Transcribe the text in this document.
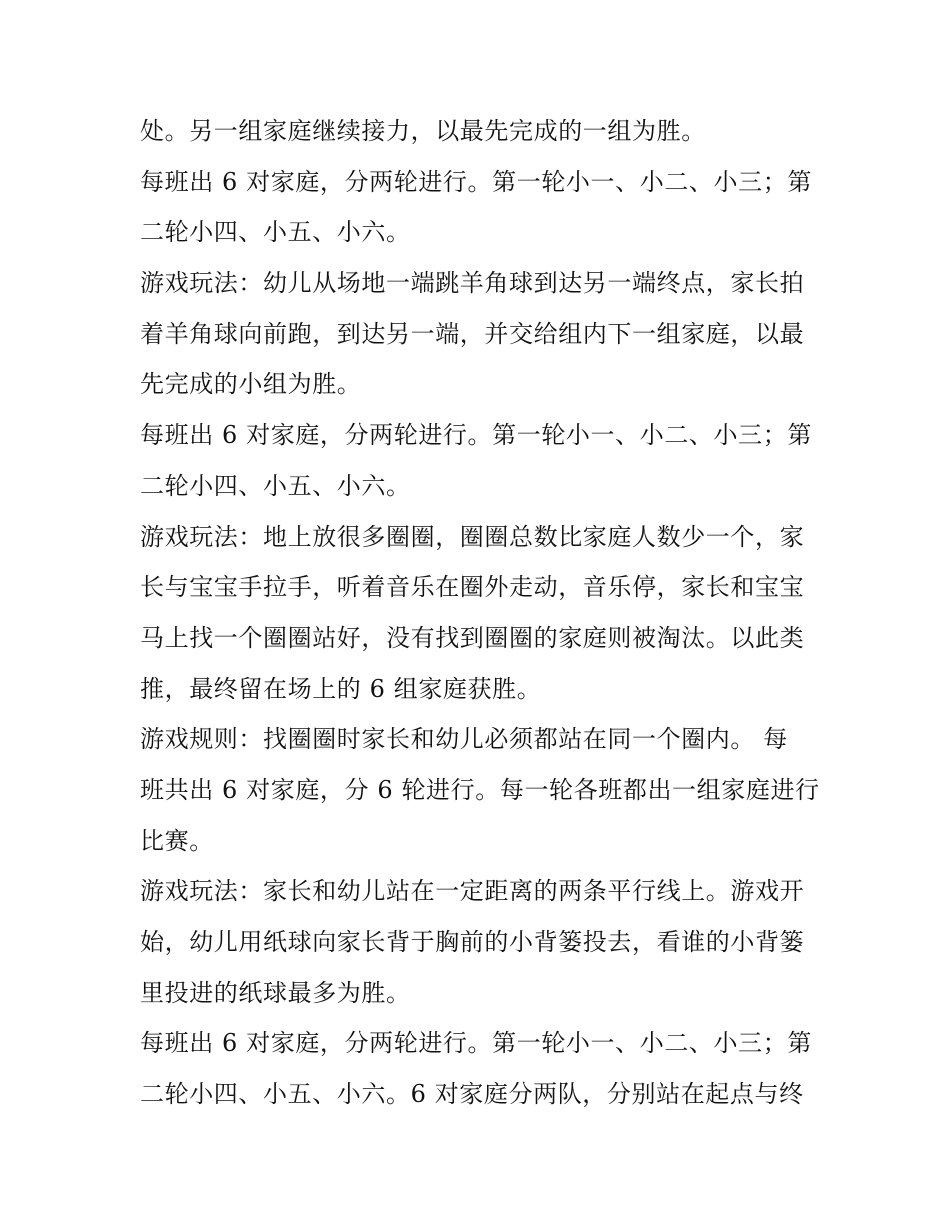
处。另一组家庭继续接力，以最先完成的一组为胜。
每班出 6 对家庭，分两轮进行。第一轮小一、小二、小三；第
二轮小四、小五、小六。
游戏玩法：幼儿从场地一端跳羊角球到达另一端终点，家长拍
着羊角球向前跑，到达另一端，并交给组内下一组家庭，以最
先完成的小组为胜。
每班出 6 对家庭，分两轮进行。第一轮小一、小二、小三；第
二轮小四、小五、小六。
游戏玩法：地上放很多圈圈，圈圈总数比家庭人数少一个，家
长与宝宝手拉手，听着音乐在圈外走动，音乐停，家长和宝宝
马上找一个圈圈站好，没有找到圈圈的家庭则被淘汰。以此类
推，最终留在场上的 6 组家庭获胜。
游戏规则：找圈圈时家长和幼儿必须都站在同一个圈内。 每
班共出 6 对家庭，分 6 轮进行。每一轮各班都出一组家庭进行
比赛。
游戏玩法：家长和幼儿站在一定距离的两条平行线上。游戏开
始，幼儿用纸球向家长背于胸前的小背篓投去，看谁的小背篓
里投进的纸球最多为胜。
每班出 6 对家庭，分两轮进行。第一轮小一、小二、小三；第
二轮小四、小五、小六。6 对家庭分两队，分别站在起点与终
